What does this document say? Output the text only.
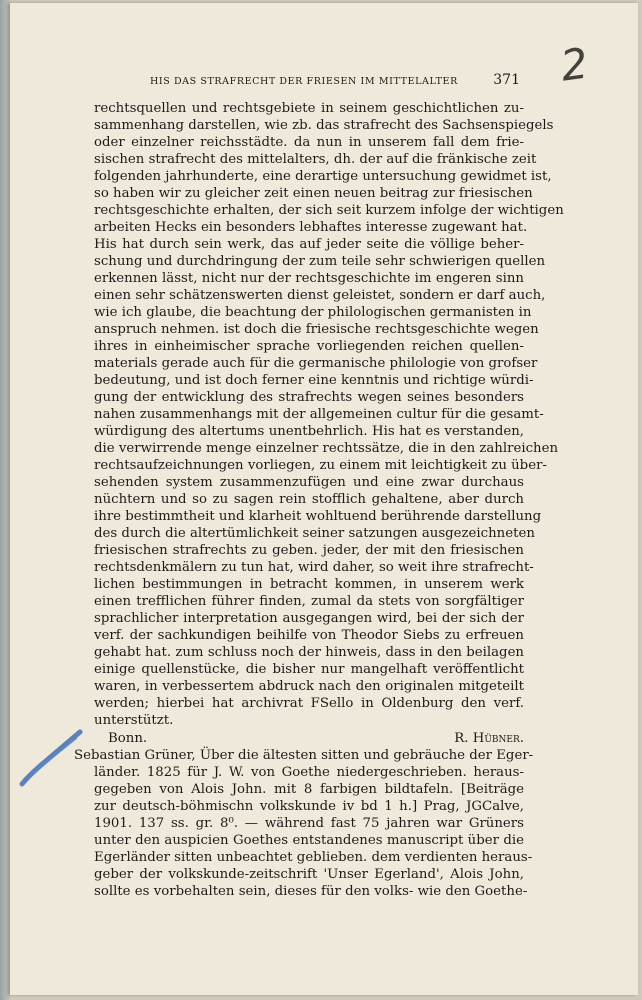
HIS DAS STRAFRECHT DER FRIESEN IM MITTELALTER	371 2
rechtsquellen und rechtsgebiete in seinem geschichtlichen zu-
sammenhang darstellen, wie zb. das strafrecht des Sachsenspiegels
oder einzelner reichsstädte. da nun in unserem fall dem frie-
sischen strafrecht des mittelalters, dh. der auf die fränkische zeit
folgenden jahrhunderte, eine derartige untersuchung gewidmet ist,
so haben wir zu gleicher zeit einen neuen beitrag zur friesischen
rechtsgeschichte erhalten, der sich seit kurzem infolge der wichtigen
arbeiten Hecks ein besonders lebhaftes interesse zugewant hat.
His hat durch sein werk, das auf jeder seite die völlige beher-
schung und durchdringung der zum teile sehr schwierigen quellen
erkennen lässt, nicht nur der rechtsgeschichte im engeren sinn
einen sehr schätzenswerten dienst geleistet, sondern er darf auch,
wie ich glaube, die beachtung der philologischen germanisten in
anspruch nehmen. ist doch die friesische rechtsgeschichte wegen
ihres in einheimischer sprache vorliegenden reichen quellen-
materials gerade auch für die germanische philologie von grofser
bedeutung, und ist doch ferner eine kenntnis und richtige würdi-
gung der entwicklung des strafrechts wegen seines besonders
nahen zusammenhangs mit der allgemeinen cultur für die gesamt-
würdigung des altertums unentbehrlich. His hat es verstanden,
die verwirrende menge einzelner rechtssätze, die in den zahlreichen
rechtsaufzeichnungen vorliegen, zu einem mit leichtigkeit zu über-
sehenden system zusammenzufügen und eine zwar durchaus
nüchtern und so zu sagen rein stofflich gehaltene, aber durch
ihre bestimmtheit und klarheit wohltuend berührende darstellung
des durch die altertümlichkeit seiner satzungen ausgezeichneten
friesischen strafrechts zu geben. jeder, der mit den friesischen
rechtsdenkmälern zu tun hat, wird daher, so weit ihre strafrecht-
lichen bestimmungen in betracht kommen, in unserem werk
einen trefflichen führer finden, zumal da stets von sorgfältiger
sprachlicher interpretation ausgegangen wird, bei der sich der
verf. der sachkundigen beihilfe von Theodor Siebs zu erfreuen
gehabt hat. zum schluss noch der hinweis, dass in den beilagen
einige quellenstücke, die bisher nur mangelhaft veröffentlicht
waren, in verbessertem abdruck nach den originalen mitgeteilt
werden; hierbei hat archivrat FSello in Oldenburg den verf.
unterstützt.
Bonn.	R. Hübner.
Sebastian Grüner, Über die ältesten sitten und gebräuche der Eger-
länder. 1825 für J. W. von Goethe niedergeschrieben. heraus-
gegeben von Alois John. mit 8 farbigen bildtafeln. [Beiträge
zur deutsch-böhmischn volkskunde iv bd 1 h.] Prag, JGCalve,
1901. 137 ss. gr. 8⁰. — während fast 75 jahren war Grüners
unter den auspicien Goethes entstandenes manuscript über die
Egerländer sitten unbeachtet geblieben. dem verdienten heraus-
geber der volkskunde-zeitschrift 'Unser Egerland', Alois John,
sollte es vorbehalten sein, dieses für den volks- wie den Goethe-
